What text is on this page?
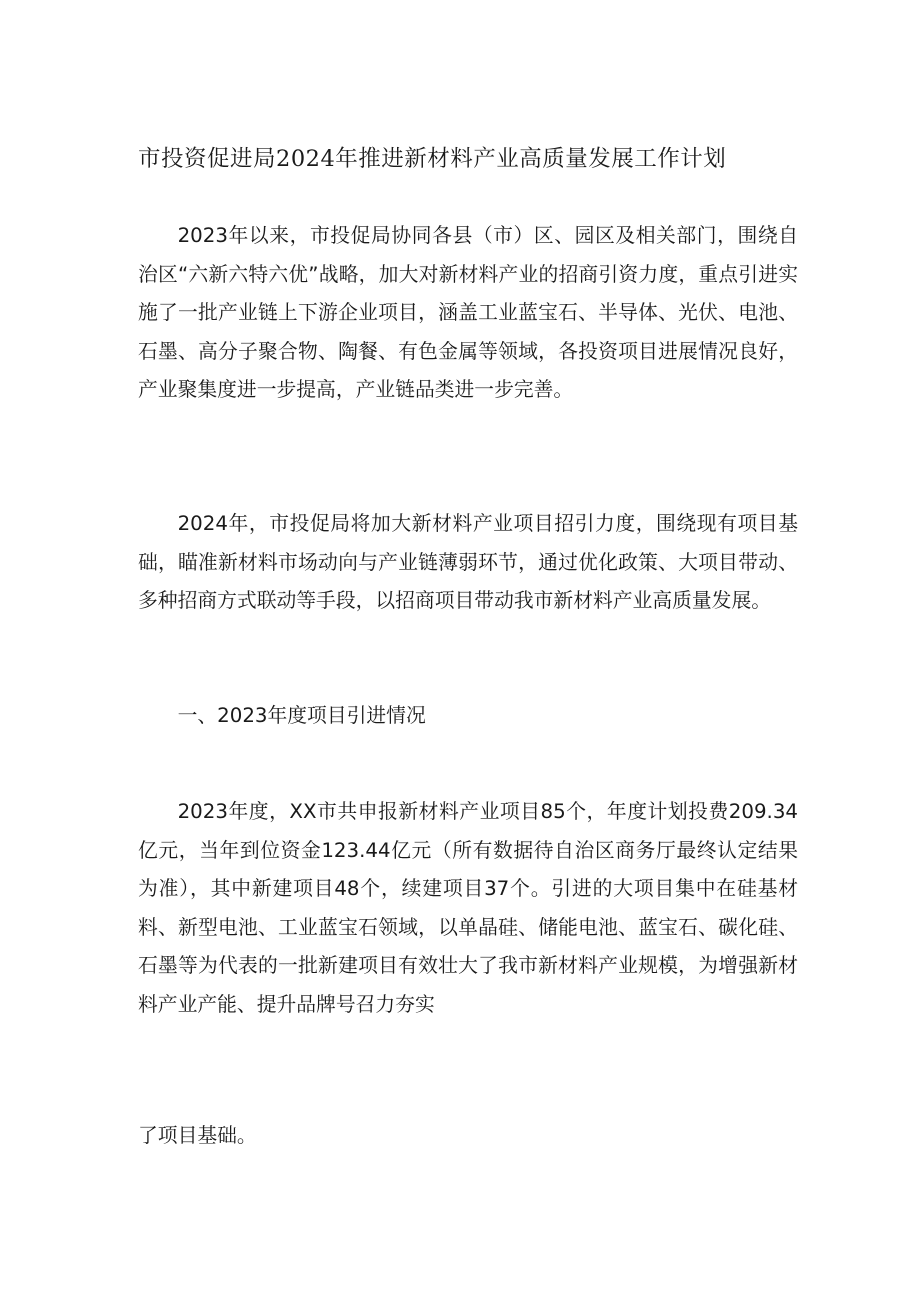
市投资促进局2024年推进新材料产业高质量发展工作计划

2023年以来，市投促局协同各县（市）区、园区及相关部门，围绕自治区“六新六特六优”战略，加大对新材料产业的招商引资力度，重点引进实施了一批产业链上下游企业项目，涵盖工业蓝宝石、半导体、光伏、电池、石墨、高分子聚合物、陶餐、有色金属等领域，各投资项目进展情况良好，产业聚集度进一步提高，产业链品类进一步完善。

2024年，市投促局将加大新材料产业项目招引力度，围绕现有项目基础，瞄准新材料市场动向与产业链薄弱环节，通过优化政策、大项目带动、多种招商方式联动等手段，以招商项目带动我市新材料产业高质量发展。

一、2023年度项目引进情况

2023年度，XX市共申报新材料产业项目85个，年度计划投费209.34亿元，当年到位资金123.44亿元（所有数据待自治区商务厅最终认定结果为准），其中新建项目48个，续建项目37个。引进的大项目集中在硅基材料、新型电池、工业蓝宝石领域，以单晶硅、储能电池、蓝宝石、碳化硅、石墨等为代表的一批新建项目有效壮大了我市新材料产业规模，为增强新材料产业产能、提升品牌号召力夯实

了项目基础。
